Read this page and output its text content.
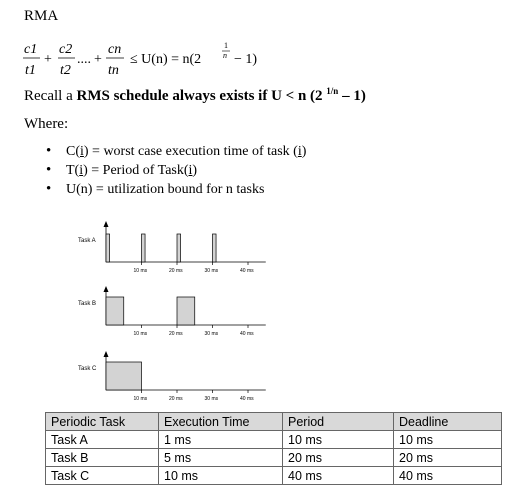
RMA
c1
t1
+
c2
t2
.... +
cn
tn
≤ U(n) = n(2
1
n − 1)
Recall a RMS schedule always exists if U < n (2 $^{1/n}$ – 1)
Where:
• C(i) = worst case execution time of task (i)
• T(i) = Period of Task(i)
• U(n) = utilization bound for n tasks
Task A
10 ms	20 ms	30 ms	40 ms
Task B
10 ms	20 ms	30 ms	40 ms
Task C
10 ms	20 ms	30 ms	40 ms
Periodic Task	Execution Time	Period	Deadline
Task A	1 ms	10 ms	10 ms
Task B	5 ms	20 ms	20 ms
Task C	10 ms	40 ms	40 ms
